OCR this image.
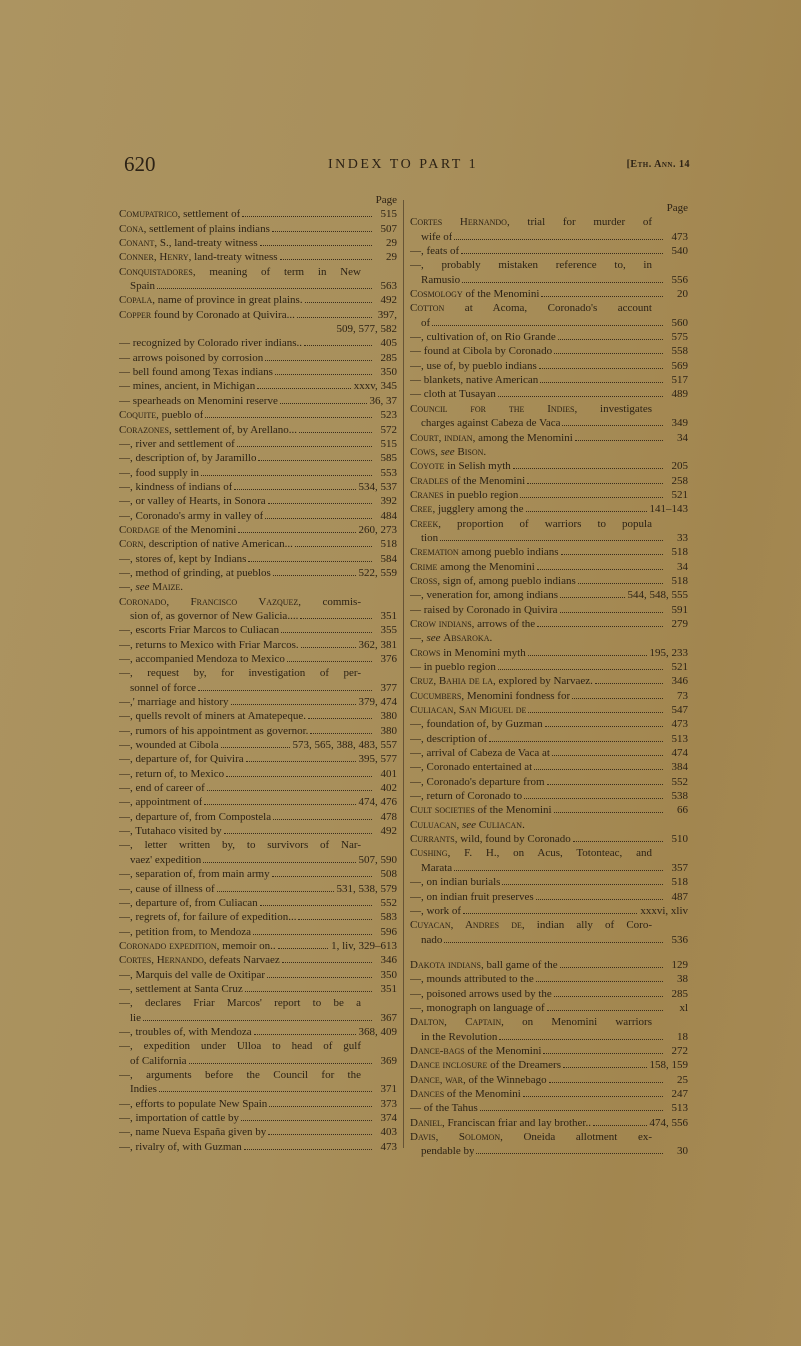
620	INDEX TO PART 1	[Eth. Ann. 14
Page
Comupatrico, settlement of	515
Cona, settlement of plains indians	507
Conant, S., land-treaty witness	29
Conner, Henry, land-treaty witness	29
Conquistadores, meaning of term in New
Spain	563
Copala, name of province in great plains.	492
Copper found by Coronado at Quivira...	397,
509, 577, 582
— recognized by Colorado river indians..	405
— arrows poisoned by corrosion	285
— bell found among Texas indians	350
— mines, ancient, in Michigan	xxxv, 345
— spearheads on Menomini reserve	36, 37
Coquite, pueblo of	523
Corazones, settlement of, by Arellano...	572
—, river and settlement of	515
—, description of, by Jaramillo	585
—, food supply in	553
—, kindness of indians of	534, 537
—, or valley of Hearts, in Sonora	392
—, Coronado's army in valley of	484
Cordage of the Menomini	260, 273
Corn, description of native American...	518
—, stores of, kept by Indians	584
—, method of grinding, at pueblos	522, 559
—, see Maize.
Coronado, Francisco Vazquez, commis-
sion of, as governor of New Galicia....	351
—, escorts Friar Marcos to Culiacan	355
—, returns to Mexico with Friar Marcos.	362, 381
—, accompanied Mendoza to Mexico	376
—, request by, for investigation of per-
sonnel of force	377
—,' marriage and history	379, 474
—, quells revolt of miners at Amatepeque.	380
—, rumors of his appointment as governor.	380
—, wounded at Cibola	573, 565, 388, 483, 557
—, departure of, for Quivira	395, 577
—, return of, to Mexico	401
—, end of career of	402
—, appointment of	474, 476
—, departure of, from Compostela	478
—, Tutahaco visited by	492
—, letter written by, to survivors of Nar-
vaez' expedition	507, 590
—, separation of, from main army	508
—, cause of illness of	531, 538, 579
—, departure of, from Culiacan	552
—, regrets of, for failure of expedition...	583
—, petition from, to Mendoza	596
Coronado expedition, memoir on..	1, liv, 329–613
Cortes, Hernando, defeats Narvaez	346
—, Marquis del valle de Oxitipar	350
—, settlement at Santa Cruz	351
—, declares Friar Marcos' report to be a
lie	367
—, troubles of, with Mendoza	368, 409
—, expedition under Ulloa to head of gulf
of California	369
—, arguments before the Council for the
Indies	371
—, efforts to populate New Spain	373
—, importation of cattle by	374
—, name Nueva España given by	403
—, rivalry of, with Guzman	473
Page
Cortes Hernando, trial for murder of
wife of	473
—, feats of	540
—, probably mistaken reference to, in
Ramusio	556
Cosmology of the Menomini	20
Cotton at Acoma, Coronado's account
of	560
—, cultivation of, on Rio Grande	575
— found at Cibola by Coronado	558
—, use of, by pueblo indians	569
— blankets, native American	517
— cloth at Tusayan	489
Council for the Indies, investigates
charges against Cabeza de Vaca	349
Court, indian, among the Menomini	34
Cows, see Bison.
Coyote in Selish myth	205
Cradles of the Menomini	258
Cranes in pueblo region	521
Cree, jugglery among the	141–143
Creek, proportion of warriors to popula
tion	33
Cremation among pueblo indians	518
Crime among the Menomini	34
Cross, sign of, among pueblo indians	518
—, veneration for, among indians	544, 548, 555
— raised by Coronado in Quivira	591
Crow indians, arrows of the	279
—, see Absaroka.
Crows in Menomini myth	195, 233
— in pueblo region	521
Cruz, Bahia de la, explored by Narvaez.	346
Cucumbers, Menomini fondness for	73
Culiacan, San Miguel de	547
—, foundation of, by Guzman	473
—, description of	513
—, arrival of Cabeza de Vaca at	474
—, Coronado entertained at	384
—, Coronado's departure from	552
—, return of Coronado to	538
Cult societies of the Menomini	66
Culuacan, see Culiacan.
Currants, wild, found by Coronado	510
Cushing, F. H., on Acus, Totonteac, and
Marata	357
—, on indian burials	518
—, on indian fruit preserves	487
—, work of	xxxvi, xliv
Cuyacan, Andres de, indian ally of Coro-
nado	536
Dakota indians, ball game of the	129
—, mounds attributed to the	38
—, poisoned arrows used by the	285
—, monograph on language of	xl
Dalton, Captain, on Menomini warriors
in the Revolution	18
Dance-bags of the Menomini	272
Dance inclosure of the Dreamers	158, 159
Dance, war, of the Winnebago	25
Dances of the Menomini	247
— of the Tahus	513
Daniel, Franciscan friar and lay brother..	474, 556
Davis, Solomon, Oneida allotment ex-
pendable by	30
